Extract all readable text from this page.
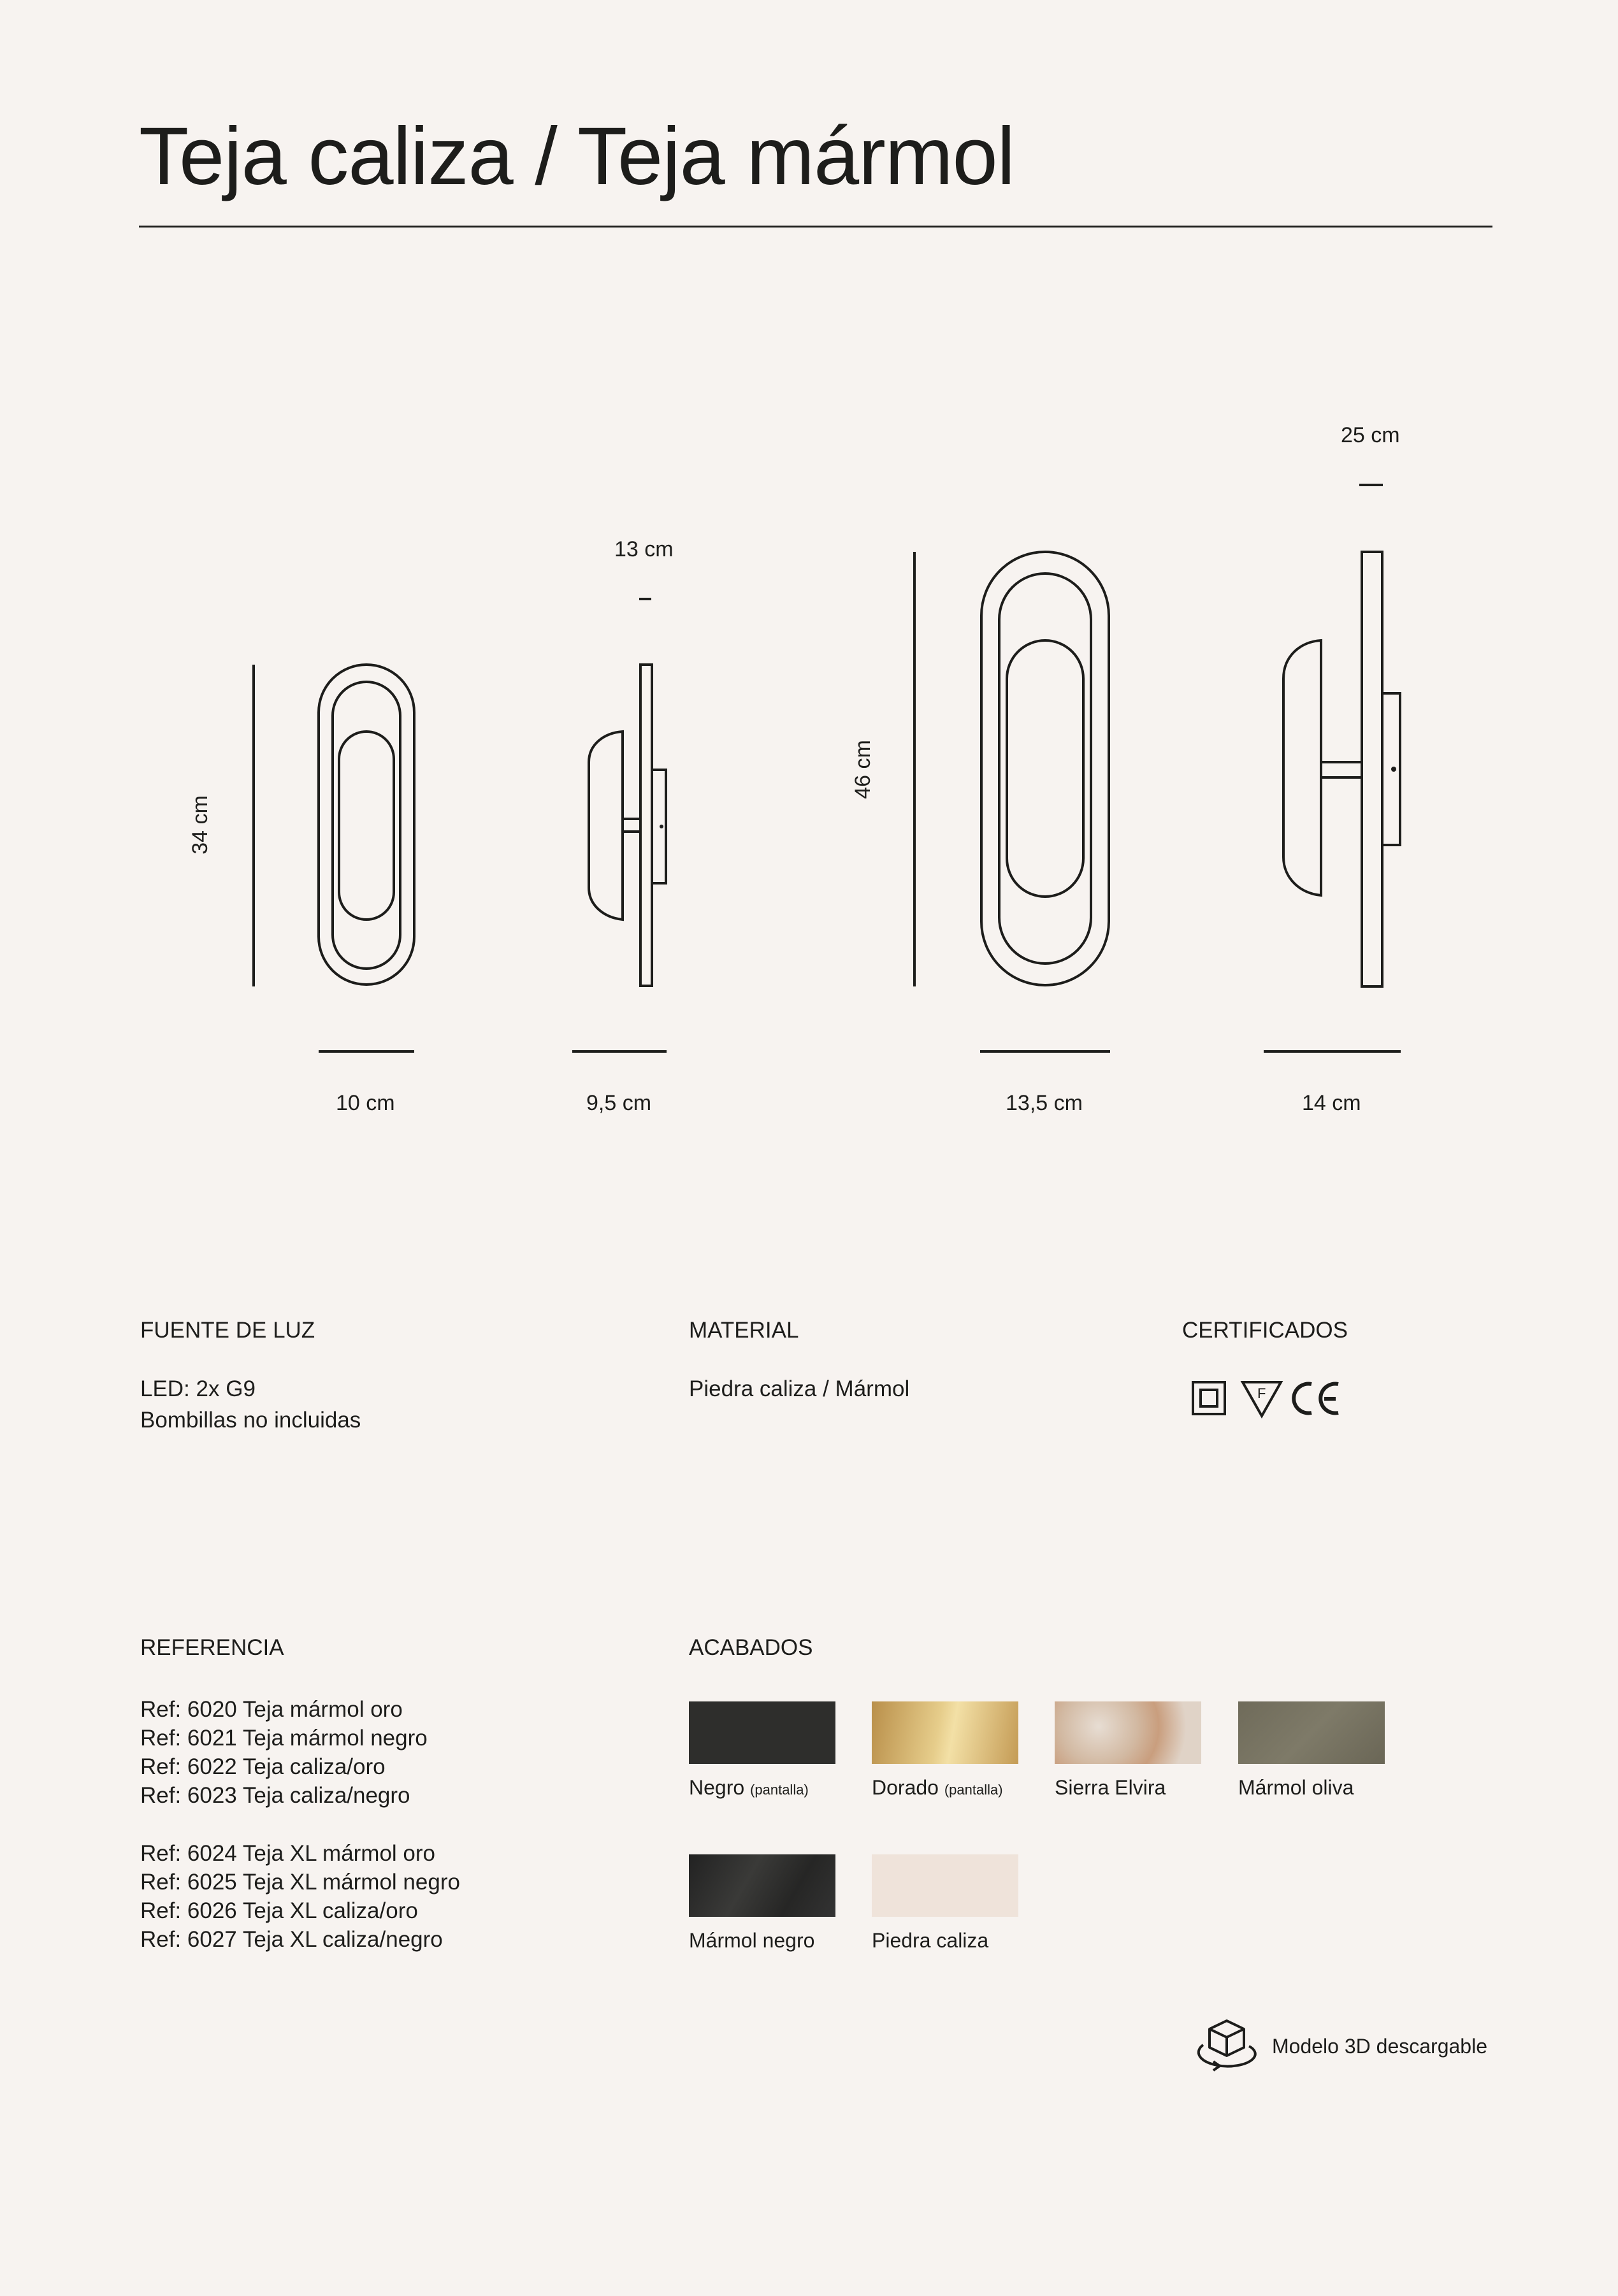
Teja caliza / Teja mármol
34 cm
10 cm	9,5 cm
13 cm
46 cm
13,5 cm	14 cm
25 cm
FUENTE DE LUZ
LED: 2x G9
Bombillas no incluidas
MATERIAL
Piedra caliza / Mármol
CERTIFICADOS
F
REFERENCIA
Ref: 6020 Teja mármol oro
Ref: 6021 Teja mármol negro
Ref: 6022 Teja caliza/oro
Ref: 6023 Teja caliza/negro
Ref: 6024 Teja XL mármol oro
Ref: 6025 Teja XL mármol negro
Ref: 6026 Teja XL caliza/oro
Ref: 6027 Teja XL caliza/negro
ACABADOS
Negro (pantalla)	Dorado (pantalla)	Sierra Elvira	Mármol oliva
Mármol negro	Piedra caliza
Modelo 3D descargable
